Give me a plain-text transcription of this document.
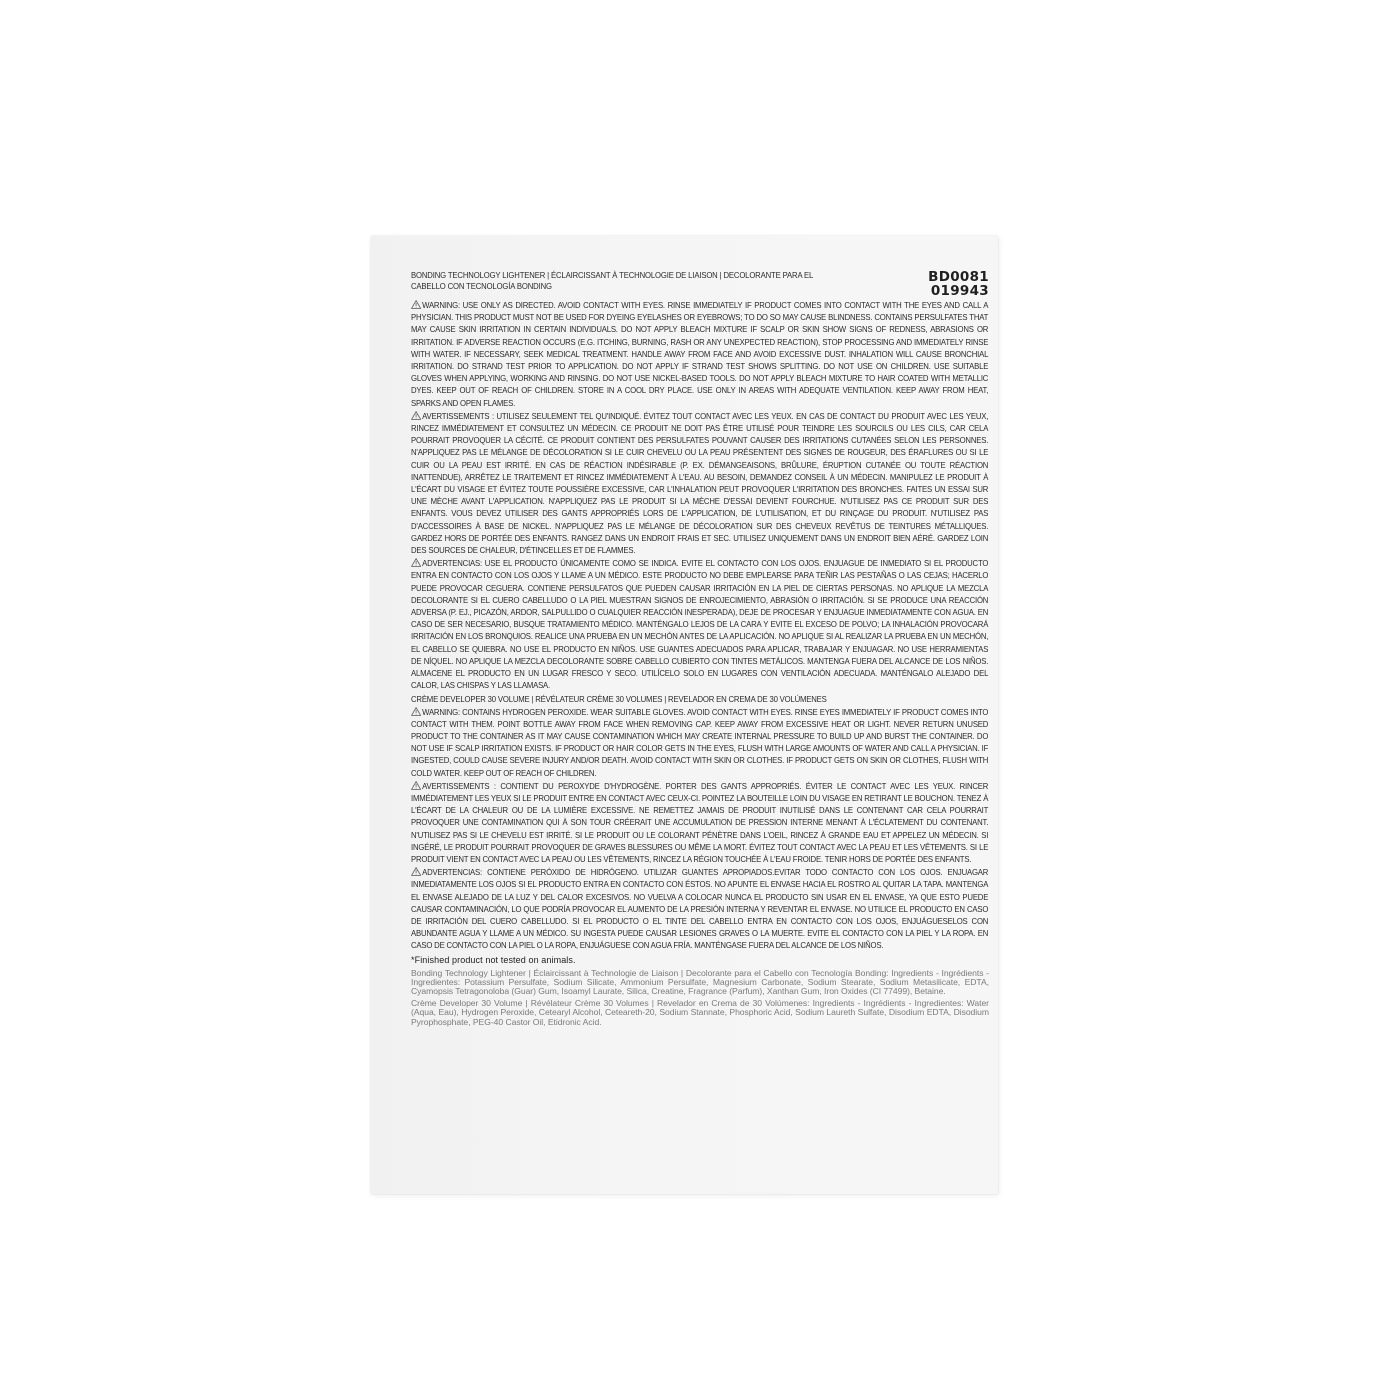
BONDING TECHNOLOGY LIGHTENER | ÉCLAIRCISSANT À TECHNOLOGIE DE LIAISON | DECOLORANTE PARA EL CABELLO CON TECNOLOGÍA BONDING
BD0081
019943
WARNING: USE ONLY AS DIRECTED. AVOID CONTACT WITH EYES. RINSE IMMEDIATELY IF PRODUCT COMES INTO CONTACT WITH THE EYES AND CALL A PHYSICIAN. THIS PRODUCT MUST NOT BE USED FOR DYEING EYELASHES OR EYEBROWS; TO DO SO MAY CAUSE BLINDNESS. CONTAINS PERSULFATES THAT MAY CAUSE SKIN IRRITATION IN CERTAIN INDIVIDUALS. DO NOT APPLY BLEACH MIXTURE IF SCALP OR SKIN SHOW SIGNS OF REDNESS, ABRASIONS OR IRRITATION. IF ADVERSE REACTION OCCURS (E.G. ITCHING, BURNING, RASH OR ANY UNEXPECTED REACTION), STOP PROCESSING AND IMMEDIATELY RINSE WITH WATER. IF NECESSARY, SEEK MEDICAL TREATMENT. HANDLE AWAY FROM FACE AND AVOID EXCESSIVE DUST. INHALATION WILL CAUSE BRONCHIAL IRRITATION. DO STRAND TEST PRIOR TO APPLICATION. DO NOT APPLY IF STRAND TEST SHOWS SPLITTING. DO NOT USE ON CHILDREN. USE SUITABLE GLOVES WHEN APPLYING, WORKING AND RINSING. DO NOT USE NICKEL-BASED TOOLS. DO NOT APPLY BLEACH MIXTURE TO HAIR COATED WITH METALLIC DYES. KEEP OUT OF REACH OF CHILDREN. STORE IN A COOL DRY PLACE. USE ONLY IN AREAS WITH ADEQUATE VENTILATION. KEEP AWAY FROM HEAT, SPARKS AND OPEN FLAMES.
AVERTISSEMENTS : UTILISEZ SEULEMENT TEL QU'INDIQUÉ. ÉVITEZ TOUT CONTACT AVEC LES YEUX. EN CAS DE CONTACT DU PRODUIT AVEC LES YEUX, RINCEZ IMMÉDIATEMENT ET CONSULTEZ UN MÉDECIN. CE PRODUIT NE DOIT PAS ÊTRE UTILISÉ POUR TEINDRE LES SOURCILS OU LES CILS, CAR CELA POURRAIT PROVOQUER LA CÉCITÉ. CE PRODUIT CONTIENT DES PERSULFATES POUVANT CAUSER DES IRRITATIONS CUTANÉES SELON LES PERSONNES. N'APPLIQUEZ PAS LE MÉLANGE DE DÉCOLORATION SI LE CUIR CHEVELU OU LA PEAU PRÉSENTENT DES SIGNES DE ROUGEUR, DES ÉRAFLURES OU SI LE CUIR OU LA PEAU EST IRRITÉ. EN CAS DE RÉACTION INDÉSIRABLE (P. EX. DÉMANGEAISONS, BRÛLURE, ÉRUPTION CUTANÉE OU TOUTE RÉACTION INATTENDUE), ARRÊTEZ LE TRAITEMENT ET RINCEZ IMMÉDIATEMENT À L'EAU. AU BESOIN, DEMANDEZ CONSEIL À UN MÉDECIN. MANIPULEZ LE PRODUIT À L'ÉCART DU VISAGE ET ÉVITEZ TOUTE POUSSIÈRE EXCESSIVE, CAR L'INHALATION PEUT PROVOQUER L'IRRITATION DES BRONCHES. FAITES UN ESSAI SUR UNE MÈCHE AVANT L'APPLICATION. N'APPLIQUEZ PAS LE PRODUIT SI LA MÈCHE D'ESSAI DEVIENT FOURCHUE. N'UTILISEZ PAS CE PRODUIT SUR DES ENFANTS. VOUS DEVEZ UTILISER DES GANTS APPROPRIÉS LORS DE L'APPLICATION, DE L'UTILISATION, ET DU RINÇAGE DU PRODUIT. N'UTILISEZ PAS D'ACCESSOIRES À BASE DE NICKEL. N'APPLIQUEZ PAS LE MÉLANGE DE DÉCOLORATION SUR DES CHEVEUX REVÊTUS DE TEINTURES MÉTALLIQUES. GARDEZ HORS DE PORTÉE DES ENFANTS. RANGEZ DANS UN ENDROIT FRAIS ET SEC. UTILISEZ UNIQUEMENT DANS UN ENDROIT BIEN AÉRÉ. GARDEZ LOIN DES SOURCES DE CHALEUR, D'ÉTINCELLES ET DE FLAMMES.
ADVERTENCIAS: USE EL PRODUCTO ÚNICAMENTE COMO SE INDICA. EVITE EL CONTACTO CON LOS OJOS. ENJUAGUE DE INMEDIATO SI EL PRODUCTO ENTRA EN CONTACTO CON LOS OJOS Y LLAME A UN MÉDICO. ESTE PRODUCTO NO DEBE EMPLEARSE PARA TEÑIR LAS PESTAÑAS O LAS CEJAS; HACERLO PUEDE PROVOCAR CEGUERA. CONTIENE PERSULFATOS QUE PUEDEN CAUSAR IRRITACIÓN EN LA PIEL DE CIERTAS PERSONAS. NO APLIQUE LA MEZCLA DECOLORANTE SI EL CUERO CABELLUDO O LA PIEL MUESTRAN SIGNOS DE ENROJECIMIENTO, ABRASIÓN O IRRITACIÓN. SI SE PRODUCE UNA REACCIÓN ADVERSA (P. EJ., PICAZÓN, ARDOR, SALPULLIDO O CUALQUIER REACCIÓN INESPERADA), DEJE DE PROCESAR Y ENJUAGUE INMEDIATAMENTE CON AGUA. EN CASO DE SER NECESARIO, BUSQUE TRATAMIENTO MÉDICO. MANTÉNGALO LEJOS DE LA CARA Y EVITE EL EXCESO DE POLVO; LA INHALACIÓN PROVOCARÁ IRRITACIÓN EN LOS BRONQUIOS. REALICE UNA PRUEBA EN UN MECHÓN ANTES DE LA APLICACIÓN. NO APLIQUE SI AL REALIZAR LA PRUEBA EN UN MECHÓN, EL CABELLO SE QUIEBRA. NO USE EL PRODUCTO EN NIÑOS. USE GUANTES ADECUADOS PARA APLICAR, TRABAJAR Y ENJUAGAR. NO USE HERRAMIENTAS DE NÍQUEL. NO APLIQUE LA MEZCLA DECOLORANTE SOBRE CABELLO CUBIERTO CON TINTES METÁLICOS. MANTENGA FUERA DEL ALCANCE DE LOS NIÑOS. ALMACENE EL PRODUCTO EN UN LUGAR FRESCO Y SECO. UTILÍCELO SOLO EN LUGARES CON VENTILACIÓN ADECUADA. MANTÉNGALO ALEJADO DEL CALOR, LAS CHISPAS Y LAS LLAMASA.
CRÈME DEVELOPER 30 VOLUME | RÉVÉLATEUR CRÈME 30 VOLUMES | REVELADOR EN CREMA DE 30 VOLÚMENES
WARNING: CONTAINS HYDROGEN PEROXIDE. WEAR SUITABLE GLOVES. AVOID CONTACT WITH EYES. RINSE EYES IMMEDIATELY IF PRODUCT COMES INTO CONTACT WITH THEM. POINT BOTTLE AWAY FROM FACE WHEN REMOVING CAP. KEEP AWAY FROM EXCESSIVE HEAT OR LIGHT. NEVER RETURN UNUSED PRODUCT TO THE CONTAINER AS IT MAY CAUSE CONTAMINATION WHICH MAY CREATE INTERNAL PRESSURE TO BUILD UP AND BURST THE CONTAINER. DO NOT USE IF SCALP IRRITATION EXISTS. IF PRODUCT OR HAIR COLOR GETS IN THE EYES, FLUSH WITH LARGE AMOUNTS OF WATER AND CALL A PHYSICIAN. IF INGESTED, COULD CAUSE SEVERE INJURY AND/OR DEATH. AVOID CONTACT WITH SKIN OR CLOTHES. IF PRODUCT GETS ON SKIN OR CLOTHES, FLUSH WITH COLD WATER. KEEP OUT OF REACH OF CHILDREN.
AVERTISSEMENTS : CONTIENT DU PEROXYDE D'HYDROGÈNE. PORTER DES GANTS APPROPRIÉS. ÉVITER LE CONTACT AVEC LES YEUX. RINCER IMMÉDIATEMENT LES YEUX SI LE PRODUIT ENTRE EN CONTACT AVEC CEUX-CI. POINTEZ LA BOUTEILLE LOIN DU VISAGE EN RETIRANT LE BOUCHON. TENEZ À L'ÉCART DE LA CHALEUR OU DE LA LUMIÈRE EXCESSIVE. NE REMETTEZ JAMAIS DE PRODUIT INUTILISÉ DANS LE CONTENANT CAR CELA POURRAIT PROVOQUER UNE CONTAMINATION QUI À SON TOUR CRÉERAIT UNE ACCUMULATION DE PRESSION INTERNE MENANT À L'ÉCLATEMENT DU CONTENANT. N'UTILISEZ PAS SI LE CHEVELU EST IRRITÉ. SI LE PRODUIT OU LE COLORANT PÉNÈTRE DANS L'OEIL, RINCEZ À GRANDE EAU ET APPELEZ UN MÉDECIN. SI INGÉRÉ, LE PRODUIT POURRAIT PROVOQUER DE GRAVES BLESSURES OU MÊME LA MORT. ÉVITEZ TOUT CONTACT AVEC LA PEAU ET LES VÊTEMENTS. SI LE PRODUIT VIENT EN CONTACT AVEC LA PEAU OU LES VÊTEMENTS, RINCEZ LA RÉGION TOUCHÉE À L'EAU FROIDE. TENIR HORS DE PORTÉE DES ENFANTS.
ADVERTENCIAS: CONTIENE PERÓXIDO DE HIDRÓGENO. UTILIZAR GUANTES APROPIADOS.EVITAR TODO CONTACTO CON LOS OJOS. ENJUAGAR INMEDIATAMENTE LOS OJOS SI EL PRODUCTO ENTRA EN CONTACTO CON ÉSTOS. NO APUNTE EL ENVASE HACIA EL ROSTRO AL QUITAR LA TAPA. MANTENGA EL ENVASE ALEJADO DE LA LUZ Y DEL CALOR EXCESIVOS. NO VUELVA A COLOCAR NUNCA EL PRODUCTO SIN USAR EN EL ENVASE, YA QUE ESTO PUEDE CAUSAR CONTAMINACIÓN, LO QUE PODRÍA PROVOCAR EL AUMENTO DE LA PRESIÓN INTERNA Y REVENTAR EL ENVASE. NO UTILICE EL PRODUCTO EN CASO DE IRRITACIÓN DEL CUERO CABELLUDO. SI EL PRODUCTO O EL TINTE DEL CABELLO ENTRA EN CONTACTO CON LOS OJOS, ENJUÁGUESELOS CON ABUNDANTE AGUA Y LLAME A UN MÉDICO. SU INGESTA PUEDE CAUSAR LESIONES GRAVES O LA MUERTE. EVITE EL CONTACTO CON LA PIEL Y LA ROPA. EN CASO DE CONTACTO CON LA PIEL O LA ROPA, ENJUÁGUESE CON AGUA FRÍA. MANTÉNGASE FUERA DEL ALCANCE DE LOS NIÑOS.
*Finished product not tested on animals.
Bonding Technology Lightener | Éclaircissant à Technologie de Liaison | Decolorante para el Cabello con Tecnología Bonding: Ingredients - Ingrédients - Ingredientes: Potassium Persulfate, Sodium Silicate, Ammonium Persulfate, Magnesium Carbonate, Sodium Stearate, Sodium Metasilicate, EDTA, Cyamopsis Tetragonoloba (Guar) Gum, Isoamyl Laurate, Silica, Creatine, Fragrance (Parfum), Xanthan Gum, Iron Oxides (CI 77499), Betaine.
Crème Developer 30 Volume | Révélateur Crème 30 Volumes | Revelador en Crema de 30 Volúmenes: Ingredients - Ingrédients - Ingredientes: Water (Aqua, Eau), Hydrogen Peroxide, Cetearyl Alcohol, Ceteareth-20, Sodium Stannate, Phosphoric Acid, Sodium Laureth Sulfate, Disodium EDTA, Disodium Pyrophosphate, PEG-40 Castor Oil, Etidronic Acid.
